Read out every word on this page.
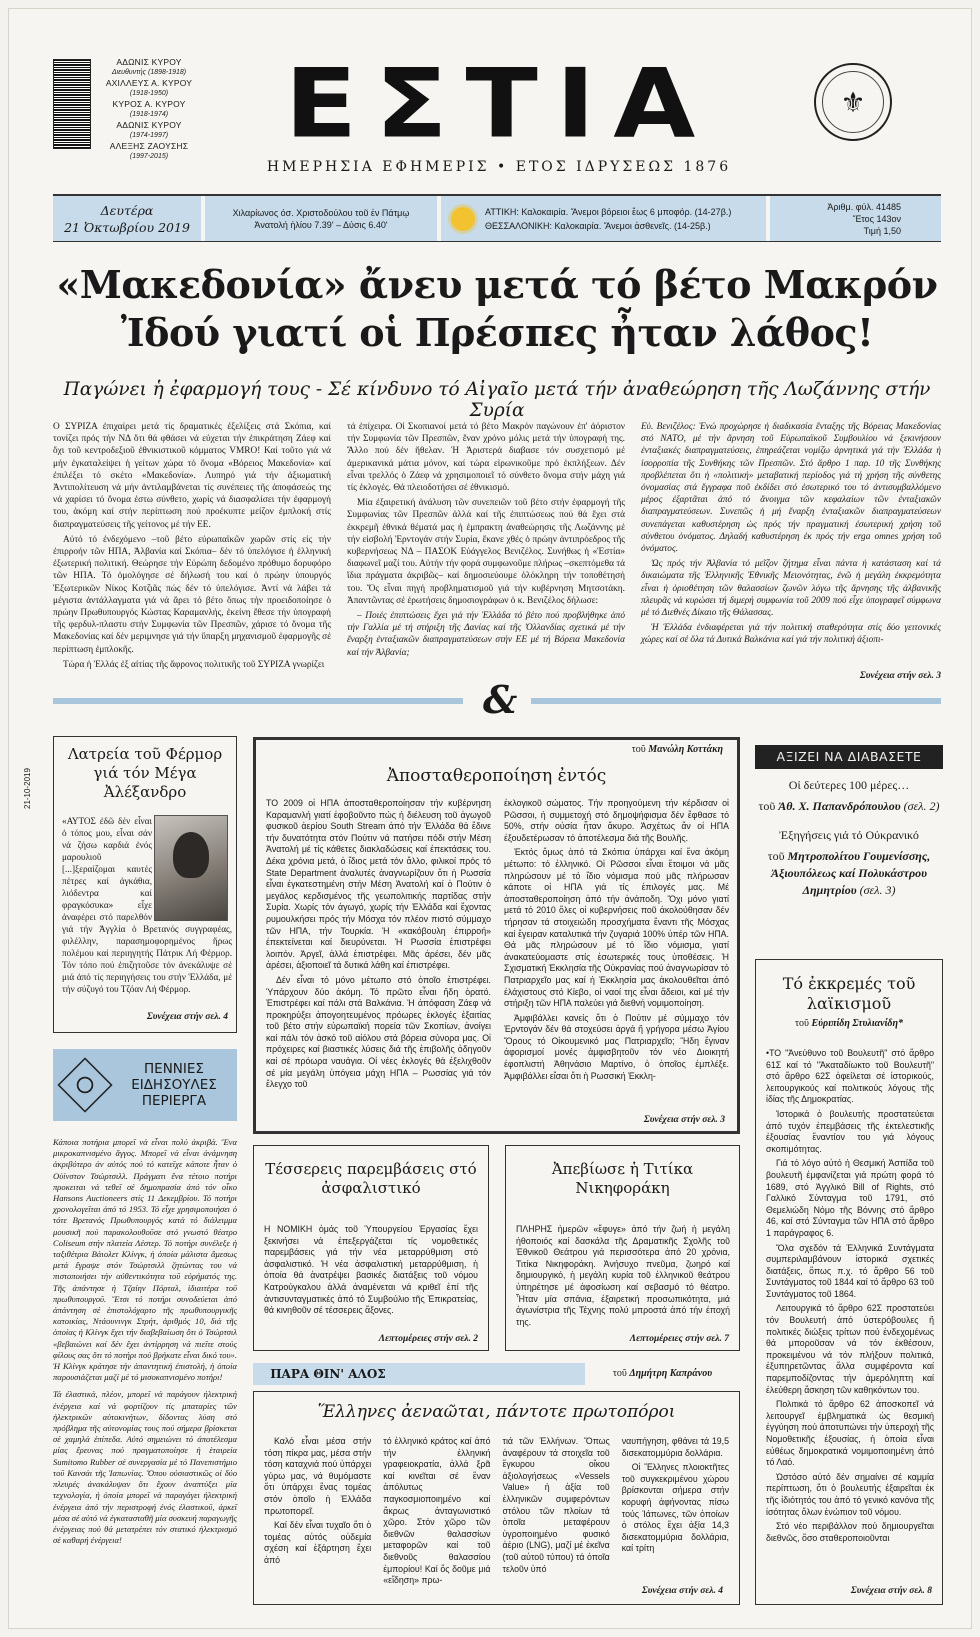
ΑΔΩΝΙΣ ΚΥΡΟΥ
Διευθυντής (1898-1918)
ΑΧΙΛΛΕΥΣ Α. ΚΥΡΟΥ
(1918-1950)
ΚΥΡΟΣ Α. ΚΥΡΟΥ
(1918-1974)
ΑΔΩΝΙΣ ΚΥΡΟΥ
(1974-1997)
ΑΛΕΞΗΣ ΖΑΟΥΣΗΣ
(1997-2015)	ΕΣΤΙΑ
ΗΜΕΡΗΣΙΑ ΕΦΗΜΕΡΙΣ • ΕΤΟΣ ΙΔΡΥΣΕΩΣ 1876
⚜
Δευτέρα
21 Ὀκτωβρίου 2019
Χιλαρίωνος όσ. Χριστοδούλου τοῦ ἐν Πάτμῳ
Ἀνατολή ἡλίου 7.39' – Δύσις 6.40'
ΑΤΤΙΚΗ: Καλοκαιρία. Ἄνεμοι βόρειοι ἕως 6 μποφόρ. (14-27β.)
ΘΕΣΣΑΛΟΝΙΚΗ: Καλοκαιρία. Ἄνεμοι ἀσθενεῖς. (14-25β.)
Ἀριθμ. φύλ. 41485
Ἔτος 143ον
Τιμή 1,50
«Μακεδονία» ἄνευ μετά τό βέτο Μακρόν
Ἰδού γιατί οἱ Πρέσπες ἦταν λάθος!
Παγώνει ἡ ἐφαρμογή τους - Σέ κίνδυνο τό Αἰγαῖο μετά τήν ἀναθεώρηση τῆς Λωζάννης στήν Συρία

Ο ΣΥΡΙΖΑ ἐπιχαίρει μετά τίς δραματικές ἐξελίξεις στά Σκόπια, καί τονίζει πρός τήν ΝΔ ὅτι θά φθάσει νά εὐχεται τήν ἐπικράτηση Ζάεφ καί ὄχι τοῦ κεντροδεξιοῦ ἐθνικιστικοῦ κόμματος VMRO! Καί τοῦτο γιά νά μήν ἐγκαταλείψει ἡ γείτων χώρα τό ὄνομα «Βόρειος Μακεδονία» καί ἐπιλέξει τό σκέτο «Μακεδονία». Λυπηρό γιά τήν ἀξιωματική Ἀντιπολίτευση νά μήν ἀντιλαμβάνεται τίς συνέπειες τῆς ἀποφάσεώς της νά χαρίσει τό ὄνομα ἐστω σύνθετο, χωρίς νά διασφαλίσει τήν ἐφαρμογή του, ἀκόμη καί στήν περίπτωση πού προέκυπτε μείζον ἐμπλοκή στίς διαπραγματεύσεις τῆς γείτονος μέ τήν ΕΕ.

Αὐτό τό ἐνδεχόμενο –τοῦ βέτο εὐρωπαϊκῶν χωρῶν στίς είς τήν ἐπιρροήν τῶν ΗΠΑ, Ἀλβανία καί Σκόπια– δέν τό ὑπελόγισε ἡ ἑλληνική ἐξωτερική πολιτική. Θεώρησε τήν Εὐρώπη δεδομένο πρόθυμο δορυφόρο τῶν ΗΠΑ. Τό ὁμολόγησε σέ δήλωσή του καί ὁ πρώην ὑπουργός Ἐξωτερικῶν Νίκος Κοτζιᾶς πώς δέν τό ὑπελόγισε. Ἀντί νά λάβει τά μέγιστα ἀντάλλαγματα γιά νά ἄρει τό βέτο ὅπως τήν προειδοποίησε ὁ πρώην Πρωθυπουργός Κώστας Καραμανλής, ἐκείνη ἔθεσε τήν ὑπογραφή τῆς φερδυλ-πλαστυ στήν Συμφωνία τῶν Πρεσπῶν, χάρισε τό ὄνομα τῆς Μακεδονίας καί δέν μεριμνησε γιά τήν ὕπαρξη μηχανισμοῦ ἐφαρμογῆς σέ περίπτωση ἐμπλοκῆς.

Τώρα ἡ Ἑλλάς ἐξ αἰτίας τῆς ἄφρονος πολιτικῆς τοῦ ΣΥΡΙΖΑ γνωρίζει

τά ἐπίχειρα. Οἱ Σκοπιανοί μετά τό βέτο Μακρόν παγώνουν ἐπ' ἀόριστον τήν Συμφωνία τῶν Πρεσπῶν, ἕναν χρόνο μόλις μετά τήν ὑπογραφή της. Ἄλλο πού δέν ἤθελαν. Ἡ Ἀριστερά διαβασε τόν συσχετισμό μέ ἀμερικανικά μάτια μόνον, καί τώρα εἰρωνικοῦμε πρό ἐκπλήξεων. Δέν εἶναι τρελλός ὁ Ζάεφ νά χρησιμοποιεῖ τό σύνθετο ὄνομα στήν μάχη γιά τίς ἐκλογές. Θά πλειοδοτήσει σέ ἐθνικισμό.

Μία ἐξαιρετική ἀνάλυση τῶν συνεπειῶν τοῦ βέτο στήν ἐφαρμογή τῆς Συμφωνίας τῶν Πρεσπῶν ἀλλά καί τῆς ἐπιπτώσεως πού θά ἔχει στά ἐκκρεμῆ ἐθνικά θέματά μας ἡ ἐμπρακτη ἀναθεώρησις τῆς Λωζάννης μέ τήν εἰσβολή Ἐρντογάν στήν Συρία, ἔκανε χθές ὁ πρώην ἀντιπρόεδρος τῆς κυβερνήσεως ΝΔ – ΠΑΣΟΚ Εὐάγγελος Βενιζέλος. Συνήθως ἡ «Ἑστία» διαφωνεῖ μαζί του. Αὐτήν τήν φορά συμφωνοῦμε πλήρως –σκεπτόμεθα τά ἴδια πράγματα ἀκριβῶς– καί δημοσιεύουμε ὁλόκληρη τήν τοποθέτησή του. Ὅς εἶναι πηγή προβληματισμοῦ γιά τήν κυβέρνηση Μητσοτάκη. Ἀπαντῶντας σέ ἐρωτήσεις δημοσιογράφων ὁ κ. Βενιζέλος δήλωσε:

– Ποιές ἐπιπτώσεις ἔχει γιά τήν Ἑλλάδα τό βέτο πού προβλήθηκε ἀπό τήν Γαλλία μέ τή στήριξη τῆς Δανίας καί τῆς Ὀλλανδίας σχετικά μέ τήν ἔναρξη ἐνταξιακῶν διαπραγματεύσεων στήν ΕΕ μέ τή Βόρεια Μακεδονία καί τήν Ἀλβανία;

Εὐ. Βενιζέλος: Ἐνώ προχώρησε ἡ διαδικασία ἔνταξης τῆς Βόρειας Μακεδονίας στό ΝΑΤΟ, μέ τήν ἄρνηση τοῦ Εὐρωπαϊκοῦ Συμβουλίου νά ξεκινήσουν ἐνταξιακές διαπραγματεύσεις, ἐπηρεάζεται νομίζω ἀρνητικά γιά τήν Ἑλλάδα ἡ ἰσορροπία τῆς Συνθήκης τῶν Πρεσπῶν. Στό ἄρθρο 1 παρ. 10 τῆς Συνθήκης προβλέπεται ὅτι ἡ «πολιτική» μεταβατική περίοδος γιά τή χρήση τῆς σύνθετης ὀνομασίας στά ἔγγραφα ποῦ ἐκδίδει στό ἐσωτερικό του τό ἀντισυμβαλλόμενο μέρος ἐξαρτᾶται ἀπό τό ἄνοιγμα τῶν κεφαλαίων τῶν ἐνταξιακῶν διαπραγματεύσεων. Συνεπῶς ἡ μή ἔναρξη ἐνταξιακῶν διαπραγματεύσεων συνεπάγεται καθυστέρηση ὡς πρός τήν πραγματική ἐσωτερική χρήση τοῦ σύνθετου ὀνόματος. Δηλαδή καθυστέρηση ἐκ πρός τήν erga omnes χρήση τοῦ ὀνόματος.

Ὡς πρός τήν Ἀλβανία τό μεῖζον ζήτημα εἶναι πάντα ἡ κατάσταση καί τά δικαιώματα τῆς Ἑλληνικῆς Ἐθνικῆς Μειονότητας, ἐνῶ ἡ μεγάλη ἐκκρεμότητα εἶναι ἡ ὀριοθέτηση τῶν θαλασσίων ζωνῶν λόγω τῆς ἄρνησης τῆς ἀλβανικῆς πλευρᾶς νά κυρώσει τή διμερή συμφωνία τοῦ 2009 πού εἶχε ὑπογραφεῖ σύμφωνα μέ τό Διεθνές Δίκαιο τῆς Θάλασσας.

Ἡ Ἑλλάδα ἐνδιαφέρεται γιά τήν πολιτική σταθερότητα στίς δύο γειτονικές χώρες καί σέ ὅλα τά Δυτικά Βαλκάνια καί γιά τήν πολιτική ἀξιοπι-

Συνέχεια στήν σελ. 3
&
21-10-2019
Λατρεία τοῦ Φέρμορ γιά τόν Μέγα Ἀλέξανδρο
«ΑΥΤΟΣ ἐδῶ δέν εἶναι ὁ τόπος μου, εἶναι σάν νά ζήσω καρδιά ἐνός μαρουλιοῦ [...]ξεραίζομαι καυτές πέτρες καί ἀγκάθια, λιόδεντρα καί φραγκόσυκα» εἶχε ἀναφέρει στό παρελθόν γιά τήν Ἀγγλία ὁ Βρετανός συγγραφέας, φιλέλλην, παρασημοφορημένος ἥρως πολέμου καί περιηγητής Πάτρικ Λή Φέρμορ. Τόν τόπο πού ἐπιζητοῦσε τόν ἀνεκάλυψε σέ μιά ἀπό τίς περιηγήσεις του στήν Ἑλλάδα, μέ τήν σύζυγό του Τζόαν Λή Φέρμορ.
Συνέχεια στήν σελ. 4
ΠΕΝΝΙΕΣ ΕΙΔΗΣΟΥΛΕΣ ΠΕΡΙΕΡΓΑ

Κάποια ποτήρια μπορεῖ νά εἶναι πολύ ἀκριβά. Ἕνα μικροκαπνισμένο ἄγγος. Μπορεῖ νά εἶναι ἀνάμνηση ἀκριβότερο ἀν αὐτός πού τό κατεῖχε κάποτε ἦταν ὁ Οὐίνστον Τσώρτσιλλ. Πράγματι ἕνα τέτοιο ποτήρι προκειται νά τεθεῖ σέ δημοπρασία ἀπό τόν οἶκο Hansons Auctioneers στίς 11 Δεκεμβρίου. Τό ποτήρι χρονολογεῖται ἀπό τό 1953. Τό εἶχε χρησιμοποιήσει ὁ τότε Βρετανός Πρωθυπουργός κατά τό διάλειμμα μουσικῆ πού παρακολουθοῦσε στό γνωστό θέατρο Coliseum στήν πλατεία Λέστερ. Τό ποτήρι συνέλεξε ἡ ταξιθέτρια Βάιολετ Κλίνγκ, ἡ ὁποία μάλιστα ἄμεσως μετά ἔγραψε στόν Τσώρτσιλλ ζητώντας του νά πιστοποιήσει τήν αὐθεντικότητα τοῦ εὐρήματός της. Τῆς ἀπάντησε ἡ Τζαίην Πόρταλ, ἰδιαιτέρα τοῦ πρωθυπουργοῦ. Ἔτσι τό ποτήρι συνοδεύεται ἀπό ἀπάντηση σέ ἐπιστολόχαρτο τῆς πρωθυπουργικῆς κατοικίας, Ντάουνινγκ Στρήτ, ἀριθμός 10, διά τῆς ὁποίας ἡ Κλίνγκ ἔχει τήν διαβεβαίωση ὅτι ὁ Τσώρτσιλ «βεβαιώνει καί δέν ἔχει ἀντίρρηση νά πιεῖτε στούς φίλους σας ὅτι τό ποτήρι πού βρήκατε εἶναι δικό του». Ἡ Κλίνγκ κράτησε τήν ἀπαντητική ἐπιστολή, ἡ ὁποία παρουσιάζεται μαζί μέ τό μισοκαπνισμένο ποτήρι!

Τά ἐλαστικά, πλέον, μπορεῖ νά παράγουν ἠλεκτρική ἐνέργεια καί νά φορτίζουν τίς μπαταρίες τῶν ἠλεκτρικῶν αὐτοκινήτων, δίδοντας λύση στό πρόβλημα τῆς αὐτονομίας τους πού σήμερα βρίσκεται σέ χαμηλά ἐπίπεδα. Αὐτό σημειώνει τό ἀποτέλεσμα μίας ἔρευνας πού πραγματοποίησε ἡ ἑταιρεία Sumitomo Rubber σέ συνεργασία μέ τό Πανεπιστήμιο τοῦ Κανσάι τῆς Ἰαπωνίας. Ὅπου οὐσιαστικῶς οἱ δύο πλευρές ἀνακάλυψαν ὅτι ἔχουν ἀναπτύξει μία τεχνολογία, ἡ ὁποία μπορεῖ νά παραγάγει ἠλεκτρική ἐνέργεια ἀπό τήν περιστροφή ἐνός ἐλαστικοῦ, ἀρκεῖ μέσα σέ αὐτό νά ἐγκατασταθῆ μία συσκευή παραγωγῆς ἐνέργειας πού θά μετατρέπει τόν στατικό ἠλεκτρισμό σέ καθαρή ἐνέργεια!

τοῦ Μανώλη Κοττάκη
Ἀποσταθεροποίηση ἐντός

ΤΟ 2009 οἱ ΗΠΑ ἀποσταθεροποίησαν τήν κυβέρνηση Καραμανλή γιατί ἐφοβοῦντο πώς ἡ διέλευση τοῦ ἀγωγοῦ φυσικοῦ ἀερίου South Stream ἀπό τήν Ἑλλάδα θά ἔδινε τήν δυνατότητα στόν Πούτιν νά πατήσει πόδι στήν Μέση Ἀνατολή μέ τίς κάθετες διακλαδώσεις καί ἐπεκτάσεις του. Δέκα χρόνια μετά, ὁ ἴδιος μετά τόν ἄλλο, φιλικοί πρός τό State Department ἀναλυτές ἀναγνωρίζουν ὅτι ἡ Ρωσσία εἶναι ἐγκατεστημένη στήν Μέση Ἀνατολή καί ὁ Πούτιν ὁ μεγάλος κερδισμένος τῆς γεωπολιτικής παρτίδας στήν Συρία. Χωρίς τόν ἀγωγό, χωρίς τήν Ἑλλάδα καί ἔχοντας ρυμουλκήσει πρός τήν Μόσχα τόν πλέον πιστό σύμμαχο τῶν ΗΠΑ, τήν Τουρκία. Ἡ «κακόβουλη ἐπιρροή» ἐπεκτείνεται καί διευρύνεται. Ἡ Ρωσσία ἐπιστρέφει λοιπόν. Ἀργεῖ, ἀλλά ἐπιστρέφει. Μᾶς ἀρέσει, δέν μᾶς ἀρέσει, ἀξιοποιεῖ τά δυτικά λάθη καί ἐπιστρέφει.

Δέν εἶναι τό μόνο μέτωπο στό ὁποῖο ἐπιστρέφει. Ὑπάρχουν δύο ἀκόμη. Τό πρῶτο εἶναι ἤδη ὁρατό. Ἐπιστρέφει καί πάλι στά Βαλκάνια. Ἡ ἀπόφαση Ζάεφ νά προκηρύξει ἀπογοητευμένος πρόωρες ἐκλογές ἐξαιτίας τοῦ βέτο στήν εὐρωπαϊκή πορεία τῶν Σκοπίων, ἀνοίγει καί πάλι τόν ἀσκό τοῦ αἰόλου στά βόρεια σύνορα μας. Οἱ πρόχειρες καί βιαστικές λύσεις διά τῆς ἐπιβολῆς ὁδηγοῦν καί σέ πρόωρα ναυάγια. Οἱ νέες ἐκλογές θά ἐξελιχθοῦν σέ μία μεγάλη ὑπόγεια μάχη ΗΠΑ – Ρωσσίας γιά τόν ἔλεγχο τοῦ

ἐκλογικοῦ σώματος. Τήν προηγούμενη τήν κέρδισαν οἱ Ρῶσσοι, ἡ συμμετοχή στό δημοψήφισμα δέν ἔφθασε τό 50%, στήν οὐσία ἦταν ἄκυρο. Ἀσχέτως ἄν οἱ ΗΠΑ ἐξουδετέρωσαν τό ἀποτέλεσμα διά τῆς Βουλῆς.

Ἐκτός ὅμως ἀπό τά Σκόπια ὑπάρχει καί ἕνα ἀκόμη μέτωπο: τό ἑλληνικό. Οἱ Ρῶσσοι εἶναι ἕτοιμοι νά μᾶς πληρώσουν μέ τό ἴδιο νόμισμα πού μᾶς πλήρωσαν κάποτε οἱ ΗΠΑ γιά τίς ἐπιλογές μας. Μέ ἀποσταθεροποίηση ἀπό τήν ἀνάποδη. Ὄχι μόνο γιατί μετά τό 2010 ὅλες οἱ κυβερνήσεις ποῦ ἀκολούθησαν δέν τήρησαν τά στοιχειώδη προσχήματα ἔναντι τῆς Μόσχας καί ἔγειραν καταλυτικά τήν ζυγαριά 100% ὑπέρ τῶν ΗΠΑ. Θά μᾶς πληρώσουν μέ τό ἴδιο νόμισμα, γιατί ἀνακατεύομαστε στίς ἐσωτερικές τους ὑποθέσεις. Ἡ Σχισματική Ἐκκλησία τῆς Οὐκρανίας πού ἀναγνωρίσαν τό Πατριαρχεῖο μας καί ἡ Ἐκκλησία μας ἀκολουθεῖται ἀπό ἐλάχιστους στό Κίεβο, οἱ ναοί της εἶναι ἄδειοι, καί μέ τήν στήριξη τῶν ΗΠΑ παλεύει γιά διεθνή νομιμοποίηση.

Ἀμφιβάλλει κανείς ὅτι ὁ Πούτιν μέ σύμμαχο τόν Ἐρντογάν δέν θά στοχεύσει ἀργά ἤ γρήγορα μέσω Ἁγίου Ὄρους τό Οἰκουμενικό μας Πατριαρχεῖο; Ἤδη ἔγιναν ἀφορισμοί μονές ἀμφισβητοῦν τόν νέο Διοικητή ἐφοπλιστή Ἀθηνάσιο Μαρτίνο, ὁ ὁποῖος ἐμπλέξε. Ἀμφιβάλλει εἴσαι ὅτι ἡ Ρωσσική Ἐκκλη-

Συνέχεια στήν σελ. 3
ΑΞΙΖΕΙ ΝΑ ΔΙΑΒΑΣΕΤΕ
Οἱ δεύτερες 100 μέρες…
τοῦ Ἀθ. Χ. Παπανδρόπουλου (σελ. 2)
Ἐξηγήσεις γιά τό Οὐκρανικό
τοῦ Μητροπολίτου Γουμενίσσης, Ἀξιουπόλεως καί Πολυκάστρου Δημητρίου (σελ. 3)
Τό ἐκκρεμές τοῦ λαϊκισμοῦ
τοῦ Εὐριπίδη Στυλιανίδη*

•ΤΟ "Ἀνεύθυνο τοῦ Βουλευτῆ" στό ἄρθρο 61Σ καί τό "Ἀκαταδίωκτο τοῦ Βουλευτῆ" στό ἄρθρο 62Σ ὀφείλεται σέ ἱστορικούς, λειτουργικούς καί πολιτικούς λόγους τῆς ἰδίας τῆς Δημοκρατίας.

Ἱστορικά ὁ βουλευτής προστατεύεται ἀπό τυχόν ἐπεμβάσεις τῆς ἐκτελεστικῆς ἐξουσίας ἔναντίον του γιά λόγους σκοπιμότητας.

Γιά τό λόγο αὐτό ἡ Θεσμική Ἀσπίδα τοῦ βουλευτῆ ἐμφανίζεται γιά πρώτη φορά τό 1689, στό Ἀγγλικό Bill of Rights, στό Γαλλικό Σύνταγμα τοῦ 1791, στό Θεμελιώδη Νόμο τῆς Βόννης στό ἄρθρο 46, καί στό Σύνταγμα τῶν ΗΠΑ στό ἄρθρο 1 παράγραφος 6.

Ὅλα σχεδόν τά Ἑλληνικά Συντάγματα συμπεριλαμβάνουν ἱστορικά σχετικές διατάξεις, ὅπως π.χ. τό ἄρθρο 56 τοῦ Συντάγματος τοῦ 1844 καί τό ἄρθρο 63 τοῦ Συντάγματος τοῦ 1864.

Λειτουργικά τό ἄρθρο 62Σ προστατεύει τόν Βουλευτή ἀπό ὑστερόβουλες ἤ πολιτικές διώξεις τρίτων πού ἐνδεχομένως θά μποροῦσαν νά τόν ἐκθέσουν, προκειμένου νά τόν πλήξουν πολιτικά, ἐξυπηρετῶντας ἄλλα συμφέροντα καί παρεμποδίζοντας τήν ἀμερόληπτη καί ἐλεύθερη ἄσκηση τῶν καθηκόντων του.

Πολιτικά τό ἄρθρο 62 ἀποσκοπεῖ νά λειτουργεῖ ἐμβληματικά ὡς θεσμική ἐγγύηση πού ἀποτυπώνει τήν ὑπεροχή τῆς Νομοθετικῆς ἐξουσίας, ἡ ὁποία εἶναι εὐθέως δημοκρατικά νομιμοποιημένη ἀπό τό Λαό.

Ὡστόσο αὐτό δέν σημαίνει σέ καμμία περίπτωση, ὅτι ὁ βουλευτής ἐξαιρεῖται ἐκ τῆς ἰδιότητός του ἀπό τό γενικό κανόνα τῆς ἰσότητας ὅλων ἐνώπιον τοῦ νόμου.

Στό νέο περιβάλλον πού δημιουργεῖται διεθνῶς, ὅσο σταθεροποιοῦνται

Συνέχεια στήν σελ. 8
Τέσσερεις παρεμβάσεις στό ἀσφαλιστικό
Η ΝΟΜΙΚΗ ὁμάς τοῦ Ὑπουργείου Ἐργασίας ἔχει ξεκινήσει νά ἐπεξεργάζεται τίς νομοθετικές παρεμβάσεις γιά τήν νέα μεταρρύθμιση στό ἀσφαλιστικό. Ἡ νέα ἀσφαλιστική μεταρρύθμιση, ἡ ὁποία θά ἀνατρέψει βασικές διατάξεις τοῦ νόμου Κατρούγκαλου ἀλλά ἀναμένεται νά κριθεῖ ἐπί τῆς ἀντισυνταγματικές ἀπό τό Συμβούλιο τῆς Ἐπικρατείας, θά κινηθοῦν σέ τέσσερεις ἄξονες.
Λεπτομέρειες στήν σελ. 2
Ἀπεβίωσε ἡ Τιτίκα Νικηφοράκη
ΠΛΗΡΗΣ ἡμερῶν «ἔφυγε» ἀπό τήν ζωή ἡ μεγάλη ἠθοποιός καί δασκάλα τῆς Δραματικῆς Σχολῆς τοῦ Ἐθνικοῦ Θεάτρου γιά περισσότερα ἀπό 20 χρόνια, Τιτίκα Νικηφοράκη. Ἀνήσυχο πνεῦμα, ζωηρό καί δημιουργικό, ἡ μεγάλη κυρία τοῦ ἑλληνικοῦ θεάτρου ὑπηρέτησε μέ ἀφοσίωση καί σεβασμό τό θέατρο. Ἦταν μία σπάνια, ἐξαιρετική προσωπικότητα, μιά ἀγωνίστρια τῆς Τέχνης πολύ μπροστά ἀπό τήν ἐποχή της.
Λεπτομέρειες στήν σελ. 7
ΠΑΡΑ ΘΙΝ' ΑΛΟΣ	τοῦ Δημήτρη Καπράνου
Ἕλληνες ἀεναῶται, πάντοτε πρωτοπόροι

Καλό εἶναι μέσα στήν τόση πίκρα μας, μέσα στήν τόση καταχνιά πού ὑπάρχει γύρω μας, νά θυμόμαστε ὅτι ὑπάρχει ἕνας τομέας στόν ὁποῖο ἡ Ἑλλάδα πρωτοπορεῖ.

Καί δέν εἶναι τυχαῖο ὅτι ὁ τομέας αὐτός οὐδεμία σχέση καί ἐξάρτηση ἔχει ἀπό

τό ἑλληνικό κράτος καί ἀπό τήν ἑλληνική γραφειοκρατία, ἀλλά ξρᾶ καί κινεῖται σέ ἕναν ἀπόλυτως παγκοσμιοποιημένο καί ἄκρως ἀνταγωνιστικό χῶρο. Στόν χῶρο τῶν διεθνῶν θαλασσίων μεταφορῶν καί τοῦ διεθνοῦς θαλασσίου ἐμπορίου! Καί ὅς δοῦμε μιά «εἴδηση» πρω-

τιά τῶν Ἑλλήνων. Ὅπως ἀναφέρουν τά στοιχεῖα τοῦ ἔγκυρου οἴκου ἀξιολογήσεως «Vessels Value» ἡ ἀξία τοῦ ἑλληνικῶν συμφερόντων στόλου τῶν πλοίων τά ὁποῖα μεταφέρουν ὑγροποιημένο φυσικό ἀέριο (LNG), μαζί μέ ἐκεῖνα (τοῦ αὐτοῦ τύπου) τά ὁποῖα τελοῦν ὑπό

ναυπήγηση, φθάνει τά 19,5 δισεκατομμύρια δολλάρια.

Οἱ Ἕλληνες πλοιοκτῆτες τοῦ συγκεκριμένου χώρου βρίσκονται σήμερα στήν κορυφή ἀφήνοντας πίσω τούς Ἰάπωνες, τῶν ὁποίων ὁ στόλος ἔχει ἀξία 14,3 δισεκατομμύρια δολλάρια, καί τρίτη

Συνέχεια στήν σελ. 4
